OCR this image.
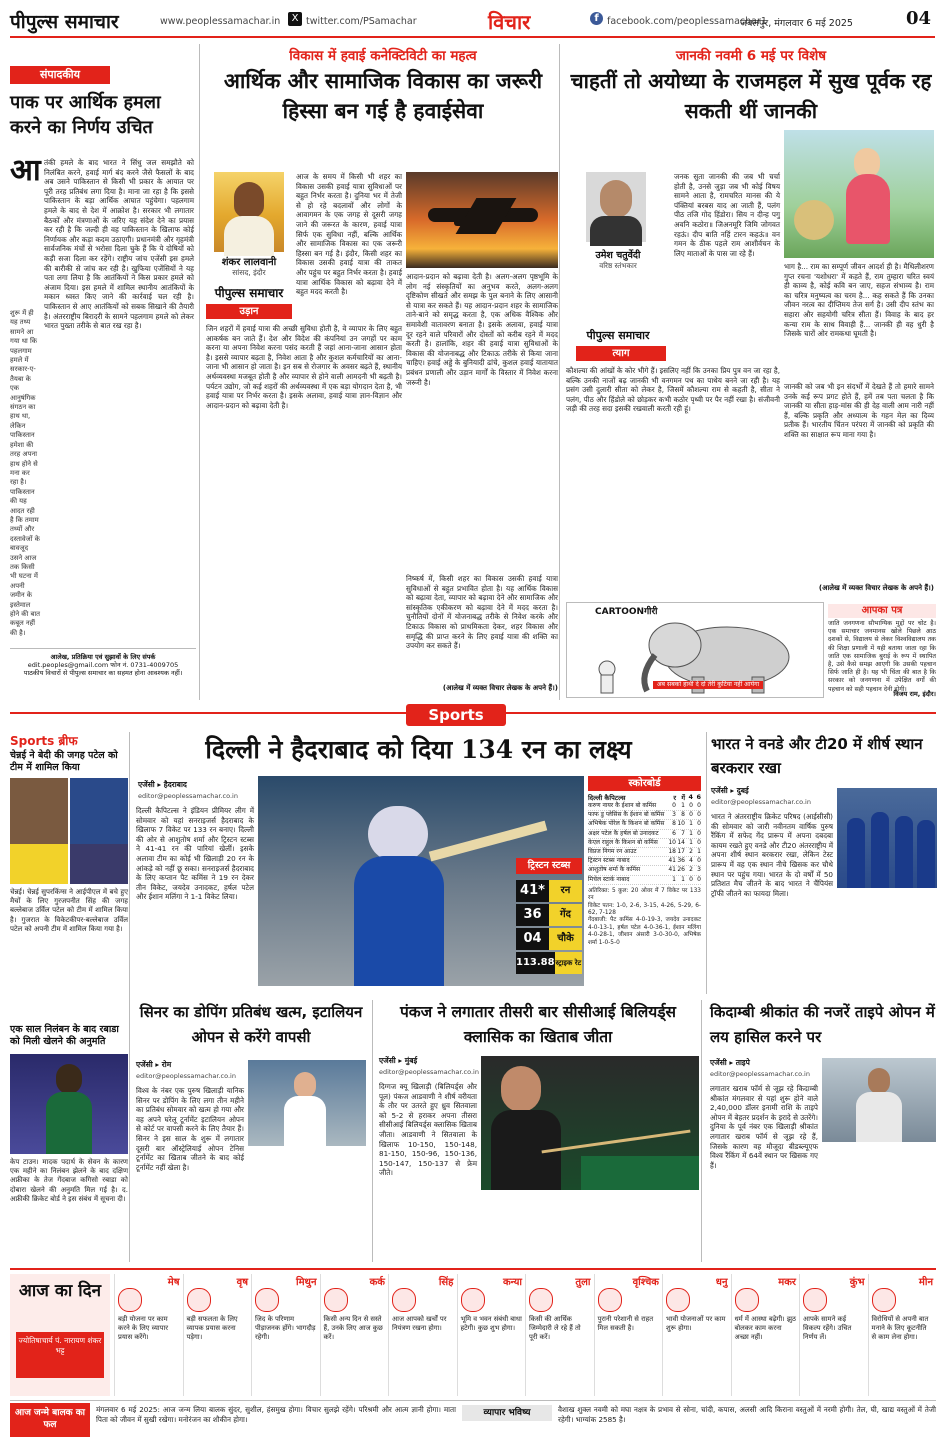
पीपुल्स समाचार	www.peoplessamachar.in	X twitter.com/PSamachar	विचार	f facebook.com/peoplessamachar1
जबलपुर, मंगलवार 6 मई 2025	04
संपादकीय
पाक पर आर्थिक हमला करने का निर्णय उचित
आ तंकी हमले के बाद भारत ने सिंधु जल समझौते को निलंबित करने, हवाई मार्ग बंद करने जैसे फैसलों के बाद अब उसने पाकिस्तान से किसी भी प्रकार के आयात पर पूरी तरह प्रतिबंध लगा दिया है। माना जा रहा है कि इससे पाकिस्तान के बड़ा आर्थिक आघात पहुंचेगा। पहलगाम हमले के बाद से देश में आक्रोश है। सरकार भी लगातार बैठकों और मंत्रणाओं के जरिए यह संदेश देने का प्रयास कर रही है कि जल्दी ही वह पाकिस्तान के खिलाफ कोई निर्णायक और कड़ा कदम उठाएगी। प्रधानमंत्री और गृहमंत्री सार्वजनिक मंचों से भरोसा दिला चुके हैं कि ये दोषियों को कड़ी सजा दिला कर रहेंगे। राष्ट्रीय जांच एजेंसी इस हमले की बारीकी से जांच कर रही है। खुफिया एजेंसियों ने यह पता लगा लिया है कि आतंकियों ने किस प्रकार हमले को अंजाम दिया। इस हमले में शामिल स्थानीय आतंकियों के मकान ध्वस्त किए जाने की कार्रवाई चल रही है। पाकिस्तान से आए आतंकियों को सबक सिखाने की तैयारी है। अंतरराष्ट्रीय बिरादरी के सामने पहलगाम हमले को लेकर भारत पुख्ता तरीके से बात रख रहा है।
शुरू में ही यह तथ्य सामने आ गया था कि पहलगाम हमले में सरकार-ए-तैयबा के एक आनुषंगिक संगठन का हाथ था, लेकिन पाकिस्तान हमेशा की तरह अपना हाथ होने से मना कर रहा है। पाकिस्तान की यह आदत रही है कि तमाम तथ्यों और दस्तावेजों के बावजूद उसने आज तक किसी भी घटना में अपनी जमीन के इस्तेमाल होने की बात कबूल नहीं की है।
आलेख, प्रतिक्रिया एवं सुझावों के लिए संपर्क
edit.peoples@gmail.com फोन नं. 0731-4009705
पाठकीय विचारों से पीपुल्स समाचार का सहमत होना आवश्यक नहीं।
विकास में हवाई कनेक्टिविटी का महत्व
आर्थिक और सामाजिक विकास का जरूरी हिस्सा बन गई है हवाईसेवा
शंकर लालवानी
सांसद, इंदौर
पीपुल्स समाचार
उड़ान
आज के समय में किसी भी शहर का विकास उसकी हवाई यात्रा सुविधाओं पर बहुत निर्भर करता है। दुनिया भर में तेजी से हो रहे बदलावों और लोगों के आवागमन के एक जगह से दूसरी जगह जाने की जरूरत के कारण, हवाई यात्रा सिर्फ एक सुविधा नहीं, बल्कि आर्थिक और सामाजिक विकास का एक जरूरी हिस्सा बन गई है। इंदौर, किसी शहर का विकास उसकी हवाई यात्रा की ताकत और पहुंच पर बहुत निर्भर करता है। हवाई यात्रा आर्थिक विकास को बढ़ावा देने में बहुत मदद करती है।
जिन शहरों में हवाई यात्रा की अच्छी सुविधा होती है, वे व्यापार के लिए बहुत आकर्षक बन जाते हैं। देश और विदेश की कंपनियां उन जगहों पर काम करना या अपना निवेश करना पसंद करती हैं जहां आना-जाना आसान होता है। इससे व्यापार बढ़ता है, निवेश आता है और कुशल कर्मचारियों का आना-जाना भी आसान हो जाता है। इन सब से रोजगार के अवसर बढ़ते हैं, स्थानीय अर्थव्यवस्था मजबूत होती है और व्यापार से होने वाली आमदनी भी बढ़ती है। पर्यटन उद्योग, जो कई शहरों की अर्थव्यवस्था में एक बड़ा योगदान देता है, भी हवाई यात्रा पर निर्भर करता है। इसके अलावा, हवाई यात्रा ज्ञान-विज्ञान और आदान-प्रदान को बढ़ावा देती है।
आदान-प्रदान को बढ़ावा देती है। अलग-अलग पृष्ठभूमि के लोग नई संस्कृतियों का अनुभव करते, अलग-अलग दृष्टिकोण सीखते और समझ के पुल बनाने के लिए आसानी से यात्रा कर सकते हैं। यह आदान-प्रदान शहर के सामाजिक ताने-बाने को समृद्ध करता है, एक अधिक वैश्विक और समावेशी वातावरण बनाता है। इसके अलावा, हवाई यात्रा दूर रहने वाले परिवारों और दोस्तों को करीब रहने में मदद करती है। हालांकि, शहर की हवाई यात्रा सुविधाओं के विकास की योजनाबद्ध और टिकाऊ तरीके से किया जाना चाहिए। हवाई अड्डे के बुनियादी ढांचे, कुशल हवाई यातायात प्रबंधन प्रणाली और उड़ान मार्गों के विस्तार में निवेश करना जरूरी है।
निष्कर्ष में, किसी शहर का विकास उसकी हवाई यात्रा सुविधाओं से बहुत प्रभावित होता है। यह आर्थिक विकास को बढ़ावा देता, व्यापार को बढ़ावा देने और सामाजिक और सांस्कृतिक एकीकरण को बढ़ावा देने में मदद करता है। चुनौतियों दोनों में योजनाबद्ध तरीके से निवेश करके और टिकाऊ विकास को प्राथमिकता देकर, शहर विकास और समृद्धि की प्राप्त करने के लिए हवाई यात्रा की शक्ति का उपयोग कर सकते हैं।
(आलेख में व्यक्त विचार लेखक के अपने हैं।)
जानकी नवमी 6 मई पर विशेष
चाहतीं तो अयोध्या के राजमहल में सुख पूर्वक रह सकती थीं जानकी
उमेश चतुर्वेदी
वरिष्ठ स्तंभकार
पीपुल्स समाचार
त्याग
जनक सुता जानकी की जब भी चर्चा होती है, उनसे जुड़ा जब भी कोई विषय सामने आता है, रामचरित मानस की ये पंक्तियां बरबस याद आ जाती हैं, पलंग पीठ तजि गोद हिंडोरा। सिय न दीन्ह पगु अवनि कठोरा॥ जिअनमूरि जिमि जोगवत रहऊं। दीप बाति नहिं टारन कहऊं॥ वन गमन के ठीक पहले राम आशीर्वचन के लिए माताओं के पास जा रहे हैं।
कौशल्या की आंखों के कोर भीगे हैं। इसलिए नहीं कि उनका प्रिय पुत्र वन जा रहा है, बल्कि उनकी नाजों बढ़ जानकी भी वनगमन पथ का पाथेय बनने जा रही है। यह प्रसंग उसी दुलारी सीता को लेकर है, जिसमें कौशल्या राम से कहती है, सीता ने पलंग, पीठ और हिंडोले को छोड़कर कभी कठोर पृथ्वी पर पैर नहीं रखा है। संजीवनी जड़ी की तरह सदा इसकी रखवाली करती रही हूं।
भाग है... राम का सम्पूर्ण जीवन आदर्श ही है। मैथिलीशरण गुप्त रचना 'यशोधरा' में कहते हैं, राम तुम्हारा चरित स्वयं ही काव्य है, कोई कवि बन जाए, सहज संभाव्य है। राम का चरित्र मनुष्यत्व का चरम है... कह सकते हैं कि उनका जीवन नरत्व का दीप्तिमय तेज सर्ग है। उसी दीप स्तंभ का सहारा और सहयोगी चरित्र सीता हैं। विवाह के बाद हर कन्या राम के साथ विवाही हैं... जानकी ही वह धुरी है जिसके चारों ओर रामकथा घूमती है।
जानकी को जब भी इन संदर्भों में देखते हैं तो हमारे सामने उनके कई रूप प्रगट होते हैं, हमें तब पता चलता है कि जानकी या सीता हाड़-मांस की ही देह वाली आम नारी नहीं हैं, बल्कि प्रकृति और अध्यात्म के गहन मेल का दिव्य प्रतीक हैं। भारतीय चिंतन परंपरा में जानकी को प्रकृति की शक्ति का साक्षात रूप माना गया है।
(आलेख में व्यक्त विचार लेखक के अपने हैं।)
CARTOONगीरी
अब सबको हाथी दे दो तेरी कुटिया नहीं आयेगा
आपका पत्र
जाति जनगणना सौभाग्यिक मुद्दों पर चोट है। एक समाचार जनमानस खोले पिछले आठ दशकों से, विद्यालय से लेकर विश्वविद्यालय तक की शिक्षा प्रणाली में यही बताया जाता रहा कि जाति एक सामाजिक बुराई के रूप में स्थापित है, उसे कैसे समझ आएगी कि उसकी पहचान सिर्फ जाति ही है। यह भी चिंता की बात है कि सरकार को जनगणना में उपेक्षित वर्गों की पहचान को सही पहचान देनी होगी।
विजय राम, इंदौर।
Sports
Sports ब्रीफ
चेन्नई ने बेदी की जगह पटेल को टीम में शामिल किया
चेन्नई। चेन्नई सुपरकिंग्स ने आईपीएल में बचे हुए मैचों के लिए गुरजपनीत सिंह की जगह बल्लेबाज उर्विल पटेल को टीम में शामिल किया है। गुजरात के विकेटकीपर-बल्लेबाज उर्विल पटेल को अपनी टीम में शामिल किया गया है।
एक साल निलंबन के बाद रबाडा को मिली खेलने की अनुमति
केप टाउन। मादक पदार्थ के सेवन के कारण एक महीने का निलंबन झेलने के बाद दक्षिण अफ्रीका के तेज गेंदबाज कगिसो रबाडा को दोबारा खेलने की अनुमति मिल गई है। द. अफ्रीकी क्रिकेट बोर्ड ने इस संबंध में सूचना दी।
दिल्ली ने हैदराबाद को दिया 134 रन का लक्ष्य
एजेंसी ▸ हैदराबाद
editor@peoplessamachar.co.in
दिल्ली कैपिटल्स ने इंडियन प्रीमियर लीग में सोमवार को यहां सनराइजर्स हैदराबाद के खिलाफ 7 विकेट पर 133 रन बनाए। दिल्ली की ओर से आशुतोष शर्मा और ट्रिस्टन स्टब्स ने 41-41 रन की पारियां खेलीं। इसके अलावा टीम का कोई भी खिलाड़ी 20 रन के आंकड़े को नहीं छू सका। सनराइजर्स हैदराबाद के लिए कप्तान पैट कमिंस ने 19 रन देकर तीन विकेट, जयदेव उनादकट, हर्षल पटेल और ईशान मलिंगा ने 1-1 विकेट लिया।
ट्रिस्टन स्टब्स
41*	रन
36	गेंद
04	चौके
113.88 स्ट्राइक रेट
स्कोरबोर्ड
दिल्ली कैपिटल्स	र गें 4 6
करुण नायर कै ईशान बो कमिंस	0 1 0 0
फाफ डु प्लेसिस कै ईशान बो कमिंस	3 8 0 0
अभिषेक पोरेल कै किशन बो कमिंस	8 10 1 0
अक्षर पटेल कै हर्षल बो उनादकट	6 7 1 0
केएल राहुल कै किशन बो कमिंस	10 14 1 0
विप्रज निगम रन आउट	18 17 2 1
ट्रिस्टन स्टब्स नाबाद	41 36 4 0
आशुतोष शर्मा कै कमिंस	41 26 2 3
मिचेल स्टार्क नाबाद	1 1 0 0
अतिरिक्त: 5 कुल: 20 ओवर में 7 विकेट पर 133 रन
विकेट पतन: 1-0, 2-6, 3-15, 4-26, 5-29, 6-62, 7-128
गेंदबाजी: पैट कमिंस 4-0-19-3, जयदेव उनादकट 4-0-13-1, हर्षल पटेल 4-0-36-1, ईशान मलिंगा 4-0-28-1, जीशान अंसारी 3-0-30-0, अभिषेक शर्मा 1-0-5-0
भारत ने वनडे और टी20 में शीर्ष स्थान बरकरार रखा
एजेंसी ▸ दुबई
editor@peoplessamachar.co.in
भारत ने अंतरराष्ट्रीय क्रिकेट परिषद (आईसीसी) की सोमवार को जारी नवीनतम वार्षिक पुरुष रैंकिंग में सफेद गेंद प्रारूप में अपना दबदबा कायम रखते हुए वनडे और टी20 अंतरराष्ट्रीय में अपना शीर्ष स्थान बरकरार रखा, लेकिन टेस्ट प्रारूप में वह एक स्थान नीचे खिसक कर चौथे स्थान पर पहुंच गया। भारत के दो वर्षों में 50 प्रतिशत मैच जीतने के बाद भारत ने चैंपियंस ट्रॉफी जीतने का फायदा मिला।
सिनर का डोपिंग प्रतिबंध खत्म, इटालियन ओपन से करेंगे वापसी
एजेंसी ▸ रोम
editor@peoplessamachar.co.in
विश्व के नंबर एक पुरुष खिलाड़ी यानिक सिनर पर डोपिंग के लिए लगा तीन महीने का प्रतिबंध सोमवार को खत्म हो गया और वह अपने घरेलू टूर्नामेंट इटालियन ओपन से कोर्ट पर वापसी करने के लिए तैयार हैं। सिनर ने इस साल के शुरू में लगातार दूसरी बार ऑस्ट्रेलियाई ओपन टेनिस टूर्नामेंट का खिताब जीतने के बाद कोई टूर्नामेंट नहीं खेला है।
पंकज ने लगातार तीसरी बार सीसीआई बिलियर्ड्स क्लासिक का खिताब जीता
एजेंसी ▸ मुंबई
editor@peoplessamachar.co.in
दिग्गज क्यू खिलाड़ी (बिलियर्ड्स और पूल) पंकज आडवाणी ने शीर्ष वरीयता के तौर पर उतरते हुए ध्रुव सितवाला को 5-2 से हराकर अपना तीसरा सीसीआई बिलियर्ड्स क्लासिक खिताब जीता। आडवाणी ने सितवाला के खिलाफ 10-150, 150-148, 81-150, 150-96, 150-136, 150-147, 150-137 से फ्रेम जीते।
किदाम्बी श्रीकांत की नजरें ताइपे ओपन में लय हासिल करने पर
एजेंसी ▸ ताइपे
editor@peoplessamachar.co.in
लगातार खराब फॉर्म से जूझ रहे किदाम्बी श्रीकांत मंगलवार से यहां शुरू होने वाले 2,40,000 डॉलर इनामी राशि के ताइपे ओपन में बेहतर प्रदर्शन के इरादे से उतरेंगे। दुनिया के पूर्व नंबर एक खिलाड़ी श्रीकांत लगातार खराब फॉर्म से जूझ रहे हैं, जिसके कारण वह मौजूदा बीडब्ल्यूएफ विश्व रैंकिंग में 64वें स्थान पर खिसक गए हैं।
आज का दिन
ज्योतिषाचार्य पं. नारायण शंकर भट्ट
मेष
बड़ी योजना पर काम करने के लिए व्यापार प्रयास करेंगे।
वृष
बड़ी सफलता के लिए व्यापक प्रयास करना पड़ेगा।
मिथुन
जिद के परिणाम पीड़ाजनक होंगे। भागदौड़ रहेगी।
कर्क
किसी अन्य दिन से सस्ते हैं, उनके लिए आज कुछ करें।
सिंह
आज आपको खर्चों पर नियंत्रण रखना होगा।
कन्या
भूमि व भवन संबंधी बाधा हटेगी। कुछ शुभ होगा।
तुला
किसी की आर्थिक जिम्मेदारी ले रहे हैं तो पूरी करें।
वृश्चिक
पुरानी परेशानी से राहत मिल सकती है।
धनु
भावी योजनाओं पर काम शुरू होगा।
मकर
धर्म में आस्था बढ़ेगी। झुठ बोलकर काम करना अच्छा नहीं।
कुंभ
आपके सामने कई विकल्प रहेंगे। उचित निर्णय लें।
मीन
विरोधियों से अपनी बात मनाने के लिए कूटनीति से काम लेना होगा।
आज जन्मे बालक का फल
मंगलवार 6 मई 2025: आज जन्म लिया बालक सुंदर, सुशील, हंसमुख होगा। विचार सुलझे रहेंगे। परिश्रमी और आत्म ज्ञानी होगा। माता पिता को जीवन में सुखी रखेगा। मनोरंजन का शौकीन होगा।
व्यापार भविष्य	वैशाख शुक्ल नवमी को मघा नक्षत्र के प्रभाव से सोना, चांदी, कपास, अलसी आदि किराना वस्तुओं में नरमी होगी। तेल, घी, खाद्य वस्तुओं में तेजी रहेगी। भाग्यांक 2585 है।
